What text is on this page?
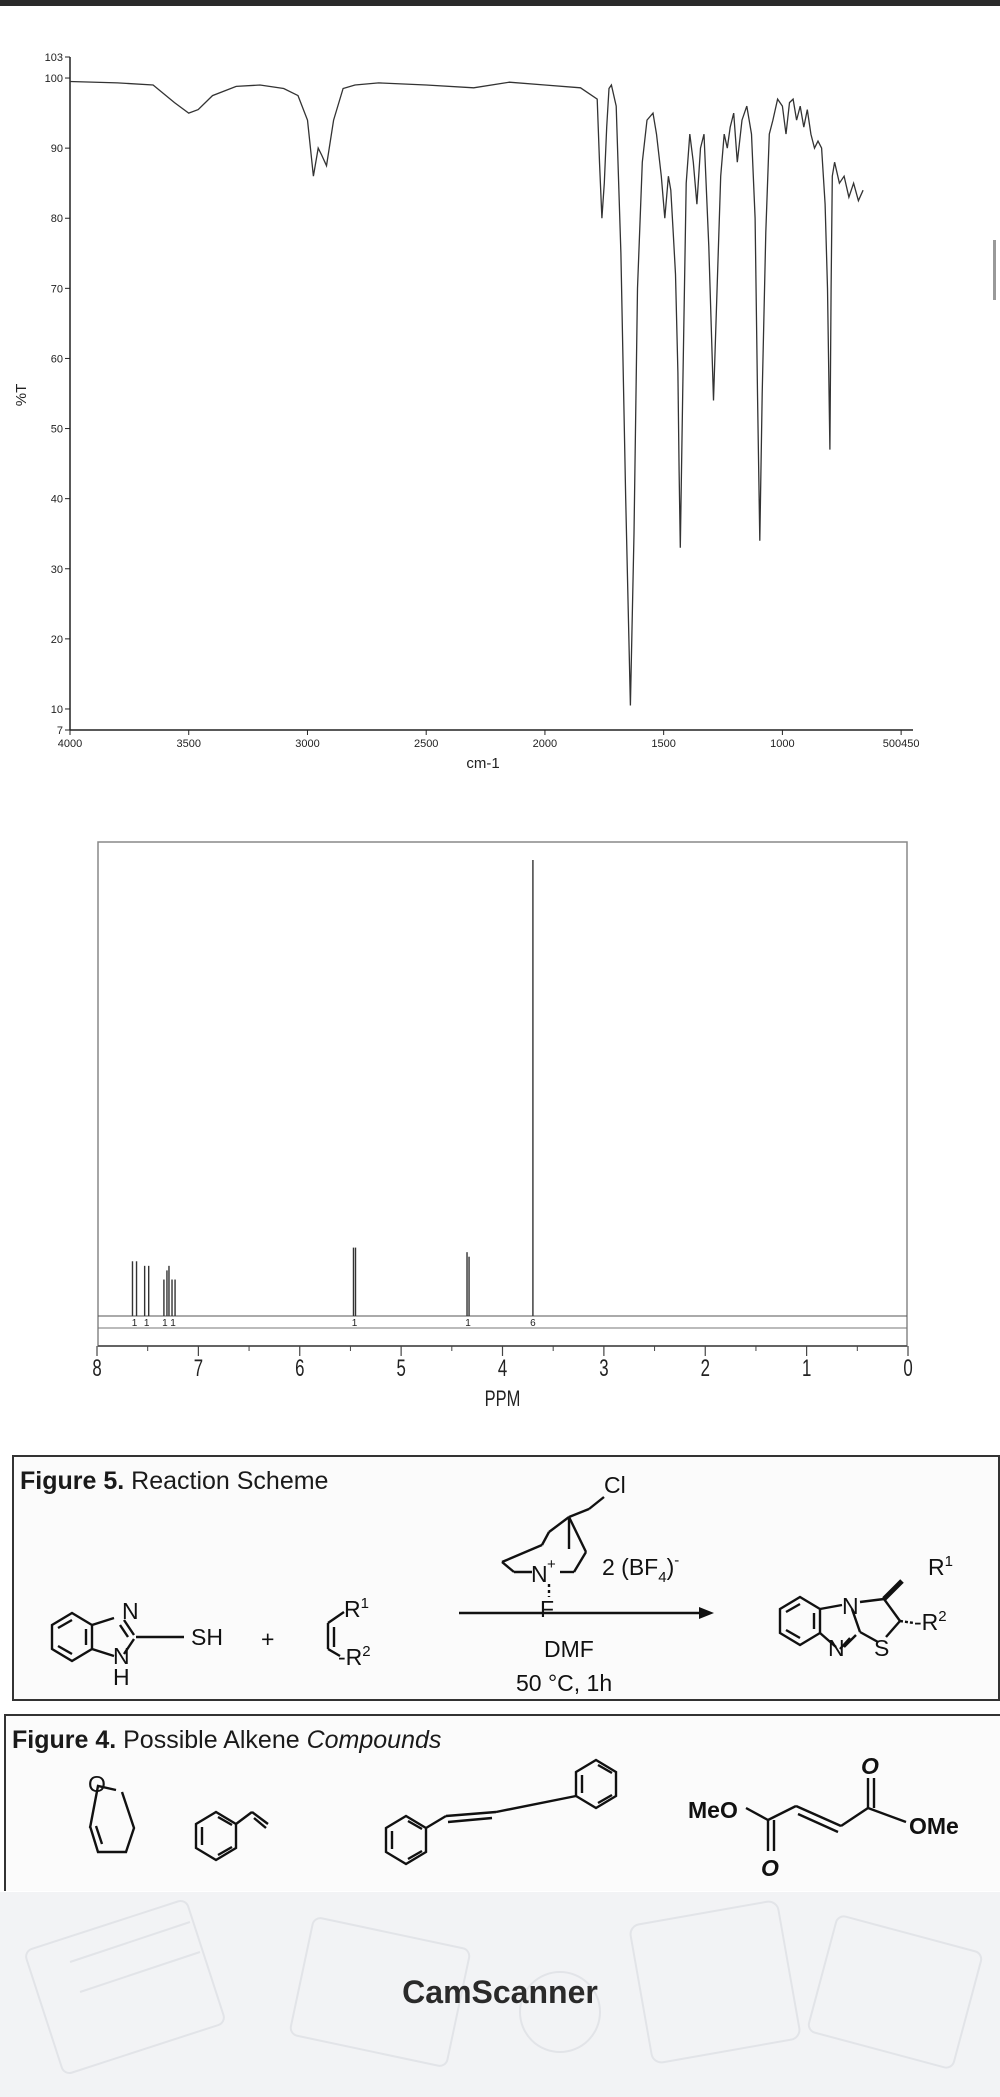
7
10
20
30
40
50
60
70
80
90
100
103
4000	3500	3000	2500	2000	1500	1000	500450
cm-1
%T
1 1 1 1	1	1	6
8	7	6	5	4	3	2	1	0
PPM
Figure 5. Reaction Scheme
N
N
H
SH +
$R^1$
$-R^2$
Cl
N +
F
2 $(BF_4)^-$
DMF
50 °C, 1h
N
N S
$R^1$
$-R^2$
Figure 4. Possible Alkene Compounds
O
MeO
OMe
O
O
CamScanner
